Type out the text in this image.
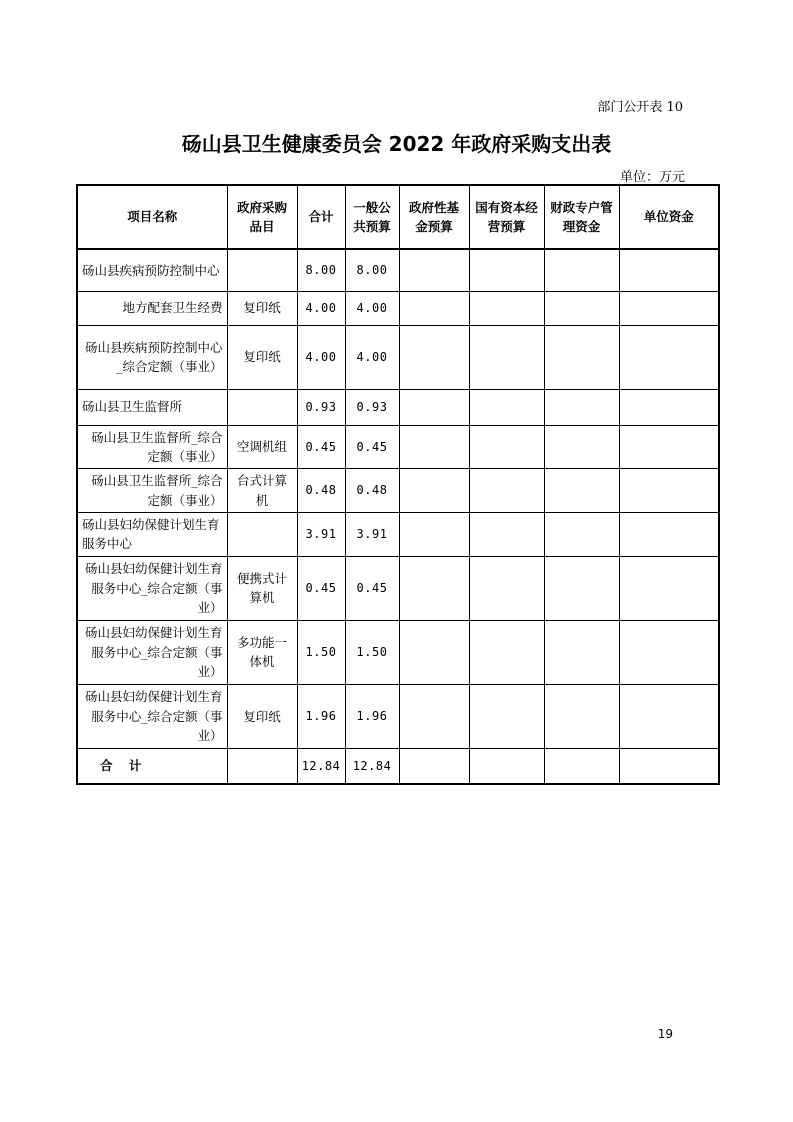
部门公开表 10
砀山县卫生健康委员会 2022 年政府采购支出表
单位：万元
项目名称	政府采购品目	合计	一般公共预算	政府性基金预算	国有资本经营预算	财政专户管理资金	单位资金
砀山县疾病预防控制中心		8.00	8.00				
地方配套卫生经费	复印纸	4.00	4.00				
砀山县疾病预防控制中心_综合定额（事业）	复印纸	4.00	4.00				
砀山县卫生监督所		0.93	0.93				
砀山县卫生监督所_综合定额（事业）	空调机组	0.45	0.45				
砀山县卫生监督所_综合定额（事业）	台式计算机	0.48	0.48				
砀山县妇幼保健计划生育服务中心		3.91	3.91				
砀山县妇幼保健计划生育服务中心_综合定额（事业）	便携式计算机	0.45	0.45				
砀山县妇幼保健计划生育服务中心_综合定额（事业）	多功能一体机	1.50	1.50				
砀山县妇幼保健计划生育服务中心_综合定额（事业）	复印纸	1.96	1.96				
合 计		12.84	12.84				
19
